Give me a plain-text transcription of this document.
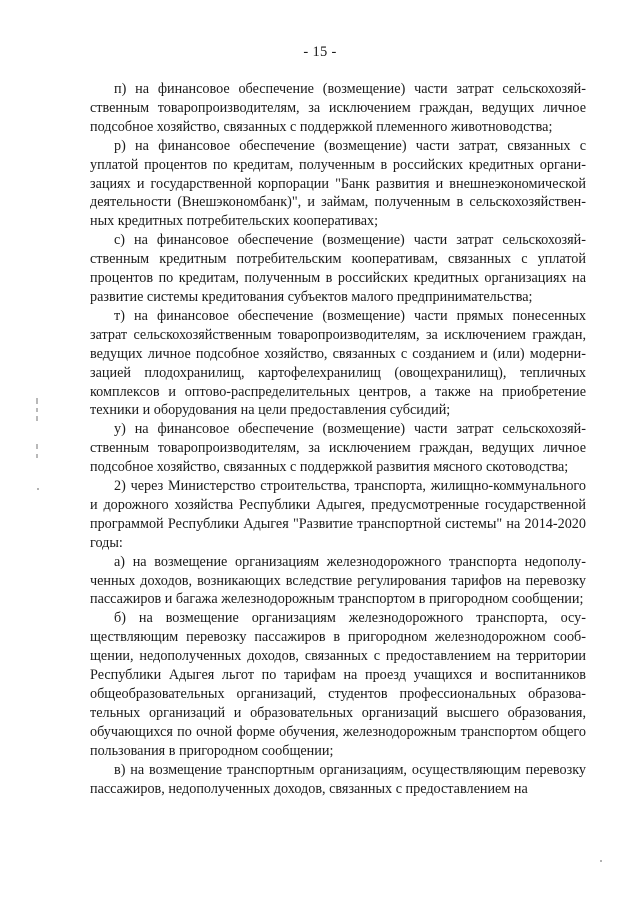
- 15 -

п) на финансовое обеспечение (возмещение) части затрат сельскохозяйственным товаропроизводителям, за исключением граждан, ведущих личное подсобное хозяйство, связанных с поддержкой племенного животноводства;

р) на финансовое обеспечение (возмещение) части затрат, связанных с уплатой процентов по кредитам, полученным в российских кредитных организациях и государственной корпорации "Банк развития и внешнеэкономической деятельности (Внешэкономбанк)", и займам, полученным в сельскохозяйственных кредитных потребительских кооперативах;

с) на финансовое обеспечение (возмещение) части затрат сельскохозяйственным кредитным потребительским кооперативам, связанных с уплатой процентов по кредитам, полученным в российских кредитных организациях на развитие системы кредитования субъектов малого предпринимательства;

т) на финансовое обеспечение (возмещение) части прямых понесенных затрат сельскохозяйственным товаропроизводителям, за исключением граждан, ведущих личное подсобное хозяйство, связанных с созданием и (или) модернизацией плодохранилищ, картофелехранилищ (овощехранилищ), тепличных комплексов и оптово-распределительных центров, а также на приобретение техники и оборудования на цели предоставления субсидий;

у) на финансовое обеспечение (возмещение) части затрат сельскохозяйственным товаропроизводителям, за исключением граждан, ведущих личное подсобное хозяйство, связанных с поддержкой развития мясного скотоводства;

2) через Министерство строительства, транспорта, жилищно-коммунального и дорожного хозяйства Республики Адыгея, предусмотренные государственной программой Республики Адыгея "Развитие транспортной системы" на 2014-2020 годы:

а) на возмещение организациям железнодорожного транспорта недополученных доходов, возникающих вследствие регулирования тарифов на перевозку пассажиров и багажа железнодорожным транспортом в пригородном сообщении;

б) на возмещение организациям железнодорожного транспорта, осуществляющим перевозку пассажиров в пригородном железнодорожном сообщении, недополученных доходов, связанных с предоставлением на территории Республики Адыгея льгот по тарифам на проезд учащихся и воспитанников общеобразовательных организаций, студентов профессиональных образовательных организаций и образовательных организаций высшего образования, обучающихся по очной форме обучения, железнодорожным транспортом общего пользования в пригородном сообщении;

в) на возмещение транспортным организациям, осуществляющим перевозку пассажиров, недополученных доходов, связанных с предоставлением на
